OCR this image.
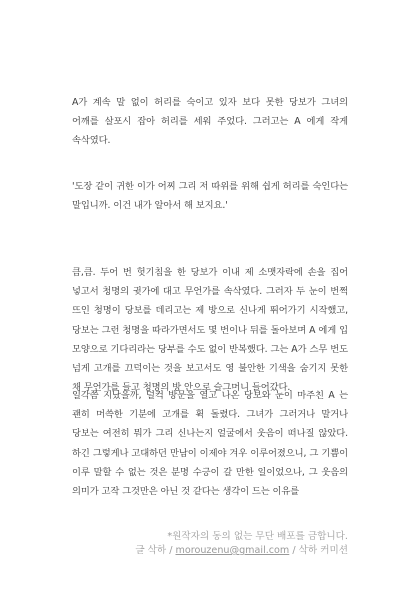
A가 계속 말 없이 허리를 숙이고 있자 보다 못한 당보가 그녀의 어깨를 살포시 잡아 허리를 세워 주었다. 그러고는 A 에게 작게 속삭였다.

'도장 같이 귀한 이가 어찌 그리 저 따위를 위해 쉽게 허리를 숙인다는 말입니까. 이건 내가 알아서 해 보지요.'

큼,큼. 두어 번 헛기침을 한 당보가 이내 제 소맷자락에 손을 집어 넣고서 청명의 귓가에 대고 무언가를 속삭였다. 그러자 두 눈이 번쩍 뜨인 청명이 당보를 데리고는 제 방으로 신나게 뛰어가기 시작했고, 당보는 그런 청명을 따라가면서도 몇 번이나 뒤를 돌아보며 A 에게 입 모양으로 기다리라는 당부를 수도 없이 반복했다. 그는 A가 스무 번도 넘게 고개를 끄덕이는 것을 보고서도 영 불안한 기색을 숨기지 못한 채 무언가를 들고 청명의 방 안으로 슬그머니 들어갔다.

일각쯤 지났을까, 덜컥 방문을 열고 나온 당보와 눈이 마주친 A 는 괜히 머쓱한 기분에 고개를 휙 돌렸다. 그녀가 그러거나 말거나 당보는 여전히 뭐가 그리 신나는지 얼굴에서 웃음이 떠나질 않았다. 하긴 그렇게나 고대하던 만남이 이제야 겨우 이루어졌으니, 그 기쁨이 이루 말할 수 없는 것은 분명 수긍이 갈 만한 일이었으나, 그 웃음의 의미가 고작 그것만은 아닌 것 같다는 생각이 드는 이유를

*원작자의 동의 없는 무단 배포를 금합니다.

글 삭하 / morouzenu@gmail.com / 삭하 커미션
